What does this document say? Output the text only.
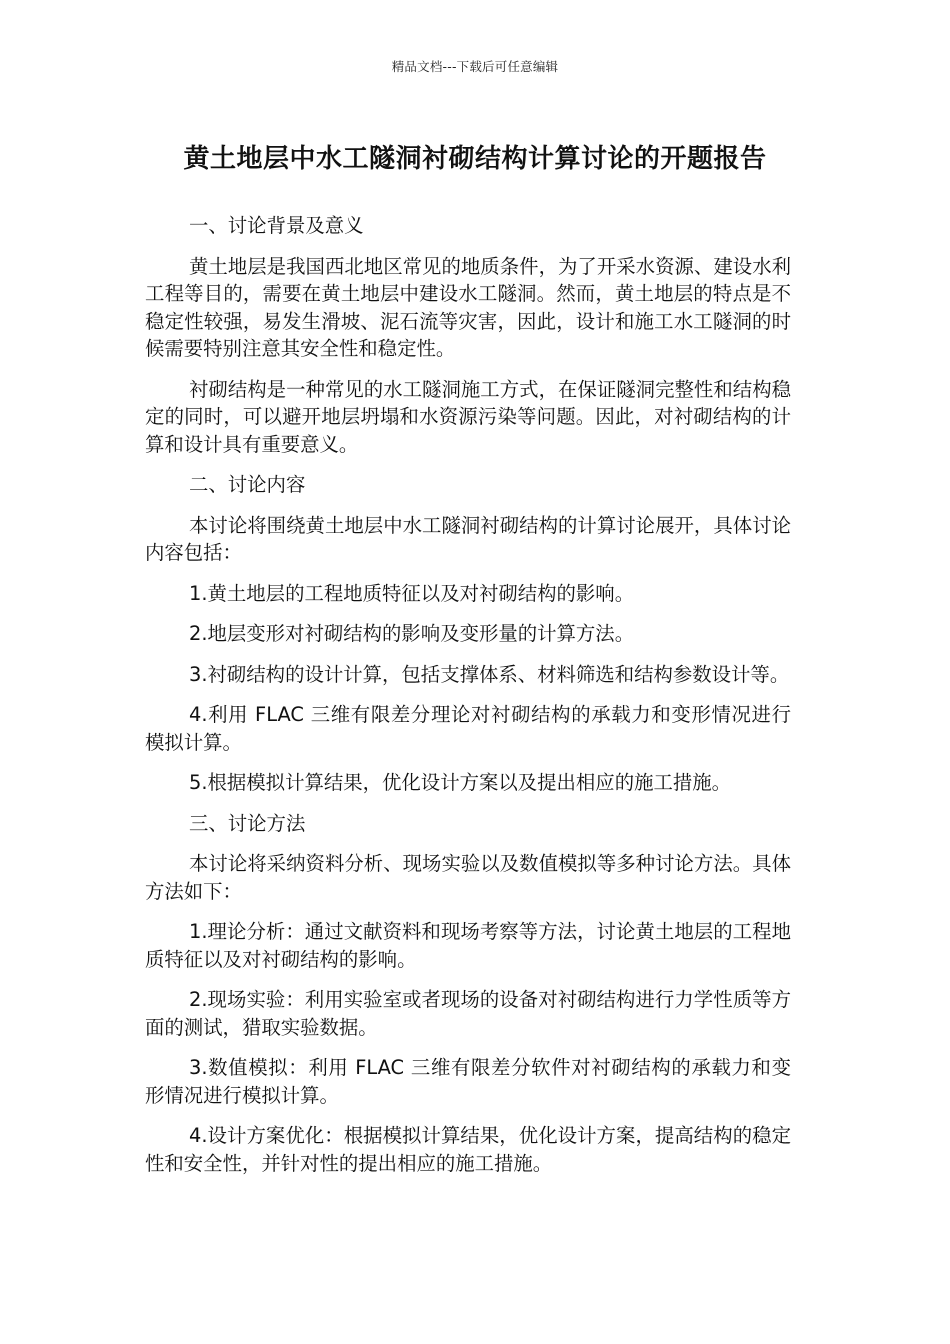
精品文档---下载后可任意编辑
黄土地层中水工隧洞衬砌结构计算讨论的开题报告

一、讨论背景及意义

黄土地层是我国西北地区常见的地质条件，为了开采水资源、建设水利工程等目的，需要在黄土地层中建设水工隧洞。然而，黄土地层的特点是不稳定性较强，易发生滑坡、泥石流等灾害，因此，设计和施工水工隧洞的时候需要特别注意其安全性和稳定性。

衬砌结构是一种常见的水工隧洞施工方式，在保证隧洞完整性和结构稳定的同时，可以避开地层坍塌和水资源污染等问题。因此，对衬砌结构的计算和设计具有重要意义。

二、讨论内容

本讨论将围绕黄土地层中水工隧洞衬砌结构的计算讨论展开，具体讨论内容包括：

1.黄土地层的工程地质特征以及对衬砌结构的影响。

2.地层变形对衬砌结构的影响及变形量的计算方法。

3.衬砌结构的设计计算，包括支撑体系、材料筛选和结构参数设计等。

4.利用 FLAC 三维有限差分理论对衬砌结构的承载力和变形情况进行模拟计算。

5.根据模拟计算结果，优化设计方案以及提出相应的施工措施。

三、讨论方法

本讨论将采纳资料分析、现场实验以及数值模拟等多种讨论方法。具体方法如下：

1.理论分析：通过文献资料和现场考察等方法，讨论黄土地层的工程地质特征以及对衬砌结构的影响。

2.现场实验：利用实验室或者现场的设备对衬砌结构进行力学性质等方面的测试，猎取实验数据。

3.数值模拟：利用 FLAC 三维有限差分软件对衬砌结构的承载力和变形情况进行模拟计算。

4.设计方案优化：根据模拟计算结果，优化设计方案，提高结构的稳定性和安全性，并针对性的提出相应的施工措施。
